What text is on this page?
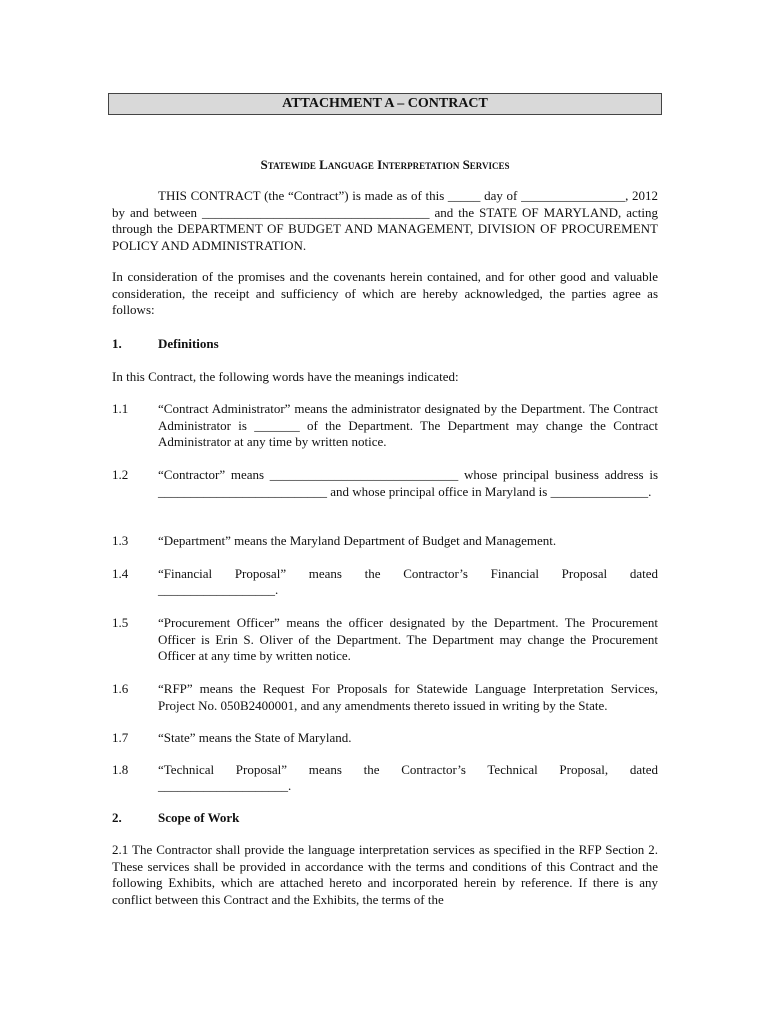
ATTACHMENT A – CONTRACT
Statewide Language Interpretation Services
THIS CONTRACT (the “Contract”) is made as of this _____ day of ________________, 2012 by and between ___________________________________ and the STATE OF MARYLAND, acting through the DEPARTMENT OF BUDGET AND MANAGEMENT, DIVISION OF PROCUREMENT POLICY AND ADMINISTRATION.
In consideration of the promises and the covenants herein contained, and for other good and valuable consideration, the receipt and sufficiency of which are hereby acknowledged, the parties agree as follows:
1.	Definitions
In this Contract, the following words have the meanings indicated:
1.1 “Contract Administrator” means the administrator designated by the Department. The Contract Administrator is _______ of the Department. The Department may change the Contract Administrator at any time by written notice.
1.2 “Contractor” means _____________________________ whose principal business address is __________________________ and whose principal office in Maryland is _______________.
1.3 “Department” means the Maryland Department of Budget and Management.
1.4 “Financial Proposal” means the Contractor’s Financial Proposal dated
__________________.
1.5 “Procurement Officer” means the officer designated by the Department. The Procurement Officer is Erin S. Oliver of the Department. The Department may change the Procurement Officer at any time by written notice.
1.6 “RFP” means the Request For Proposals for Statewide Language Interpretation Services, Project No. 050B2400001, and any amendments thereto issued in writing by the State.
1.7 “State” means the State of Maryland.
1.8 “Technical Proposal” means the Contractor’s Technical Proposal, dated
____________________.
2.	Scope of Work
2.1 The Contractor shall provide the language interpretation services as specified in the RFP Section 2. These services shall be provided in accordance with the terms and conditions of this Contract and the following Exhibits, which are attached hereto and incorporated herein by reference. If there is any conflict between this Contract and the Exhibits, the terms of the
